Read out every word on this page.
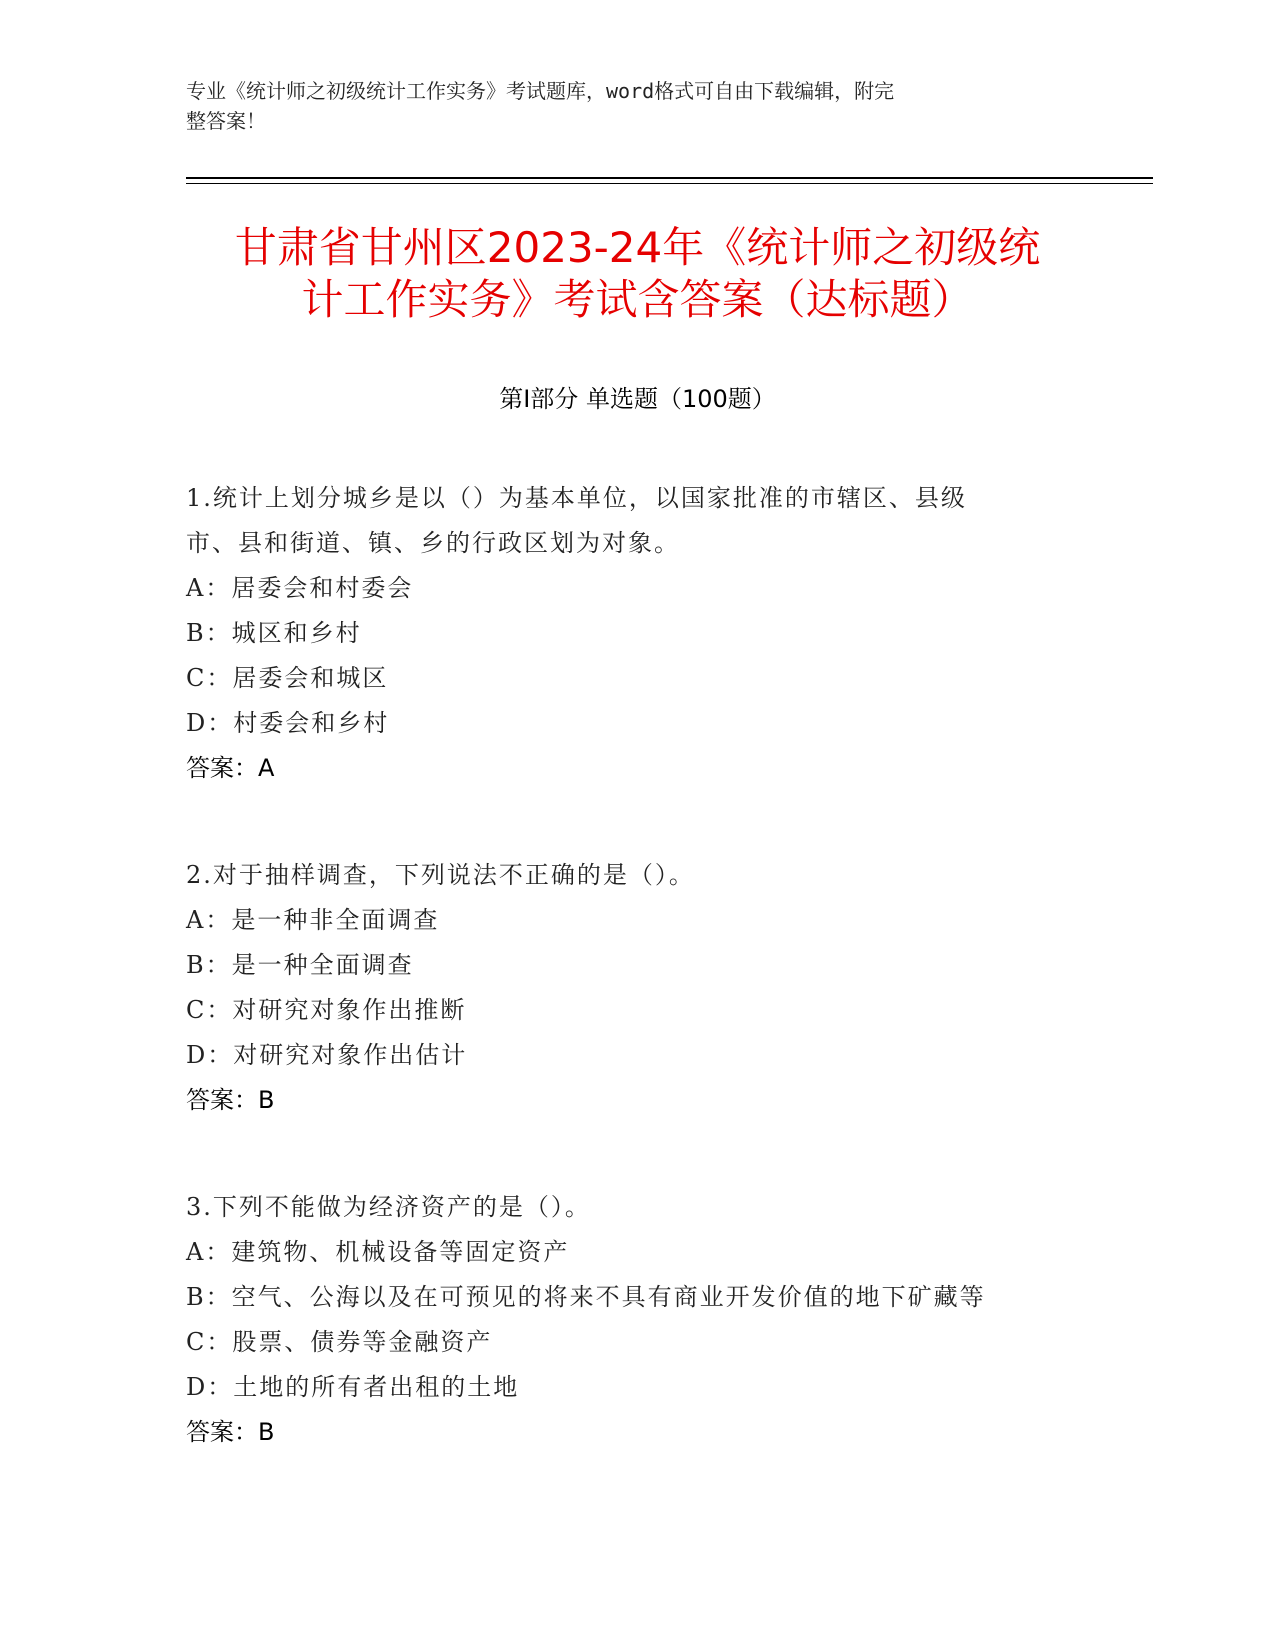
专业《统计师之初级统计工作实务》考试题库，word格式可自由下载编辑，附完
整答案！
甘肃省甘州区2023-24年《统计师之初级统
计工作实务》考试含答案（达标题）
第Ⅰ部分 单选题（100题）

1.统计上划分城乡是以（）为基本单位，以国家批准的市辖区、县级
市、县和街道、镇、乡的行政区划为对象。

A：居委会和村委会

B：城区和乡村

C：居委会和城区

D：村委会和乡村

答案：A

2.对于抽样调查，下列说法不正确的是（）。

A：是一种非全面调查

B：是一种全面调查

C：对研究对象作出推断

D：对研究对象作出估计

答案：B

3.下列不能做为经济资产的是（）。

A：建筑物、机械设备等固定资产

B：空气、公海以及在可预见的将来不具有商业开发价值的地下矿藏等

C：股票、债券等金融资产

D：土地的所有者出租的土地

答案：B
